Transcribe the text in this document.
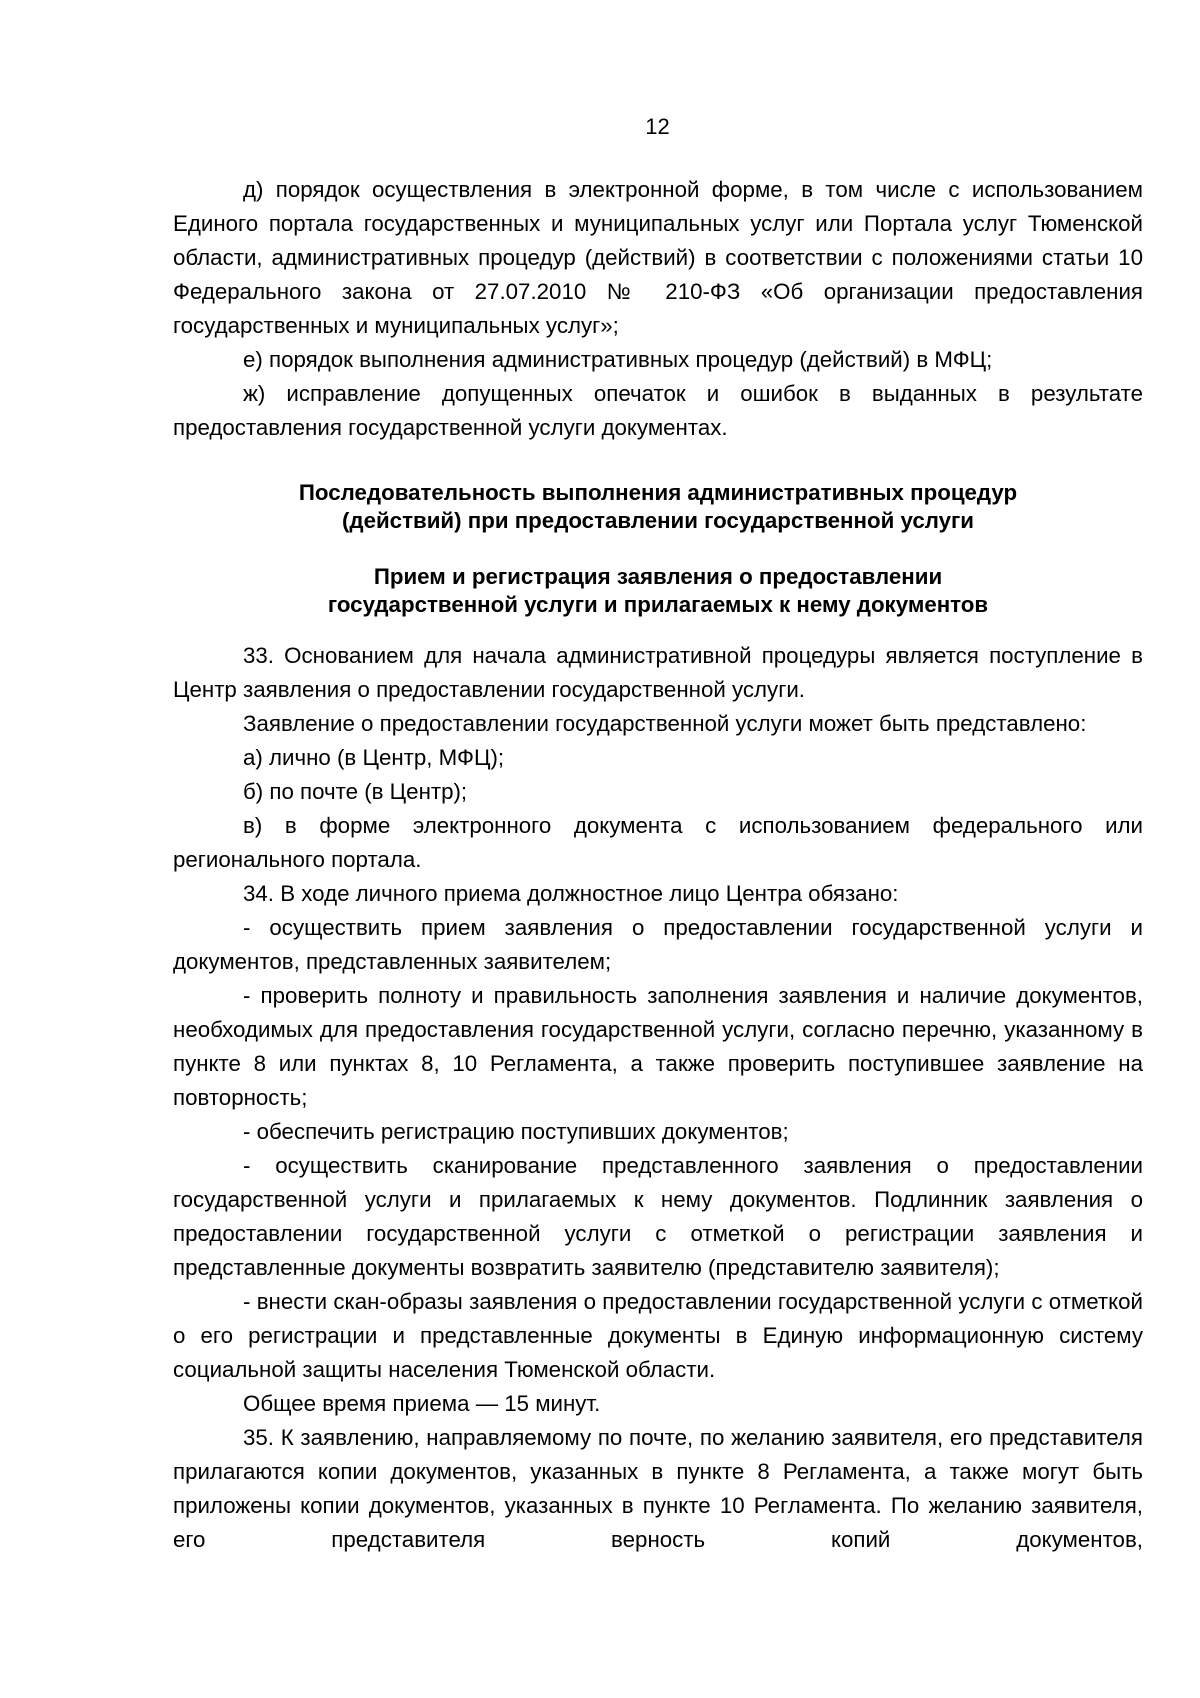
12

д) порядок осуществления в электронной форме, в том числе с использованием Единого портала государственных и муниципальных услуг или Портала услуг Тюменской области, административных процедур (действий) в соответствии с положениями статьи 10 Федерального закона от 27.07.2010 № 210-ФЗ «Об организации предоставления государственных и муниципальных услуг»;

е) порядок выполнения административных процедур (действий) в МФЦ;

ж) исправление допущенных опечаток и ошибок в выданных в результате предоставления государственной услуги документах.

Последовательность выполнения административных процедур
(действий) при предоставлении государственной услуги
Прием и регистрация заявления о предоставлении
государственной услуги и прилагаемых к нему документов

33. Основанием для начала административной процедуры является поступление в Центр заявления о предоставлении государственной услуги.

Заявление о предоставлении государственной услуги может быть представлено:

а) лично (в Центр, МФЦ);

б) по почте (в Центр);

в) в форме электронного документа с использованием федерального или регионального портала.

34. В ходе личного приема должностное лицо Центра обязано:

- осуществить прием заявления о предоставлении государственной услуги и документов, представленных заявителем;

- проверить полноту и правильность заполнения заявления и наличие документов, необходимых для предоставления государственной услуги, согласно перечню, указанному в пункте 8 или пунктах 8, 10 Регламента, а также проверить поступившее заявление на повторность;

- обеспечить регистрацию поступивших документов;

- осуществить сканирование представленного заявления о предоставлении государственной услуги и прилагаемых к нему документов. Подлинник заявления о предоставлении государственной услуги с отметкой о регистрации заявления и представленные документы возвратить заявителю (представителю заявителя);

- внести скан-образы заявления о предоставлении государственной услуги с отметкой о его регистрации и представленные документы в Единую информационную систему социальной защиты населения Тюменской области.

Общее время приема — 15 минут.

35. К заявлению, направляемому по почте, по желанию заявителя, его представителя прилагаются копии документов, указанных в пункте 8 Регламента, а также могут быть приложены копии документов, указанных в пункте 10 Регламента. По желанию заявителя, его представителя верность копий документов,
